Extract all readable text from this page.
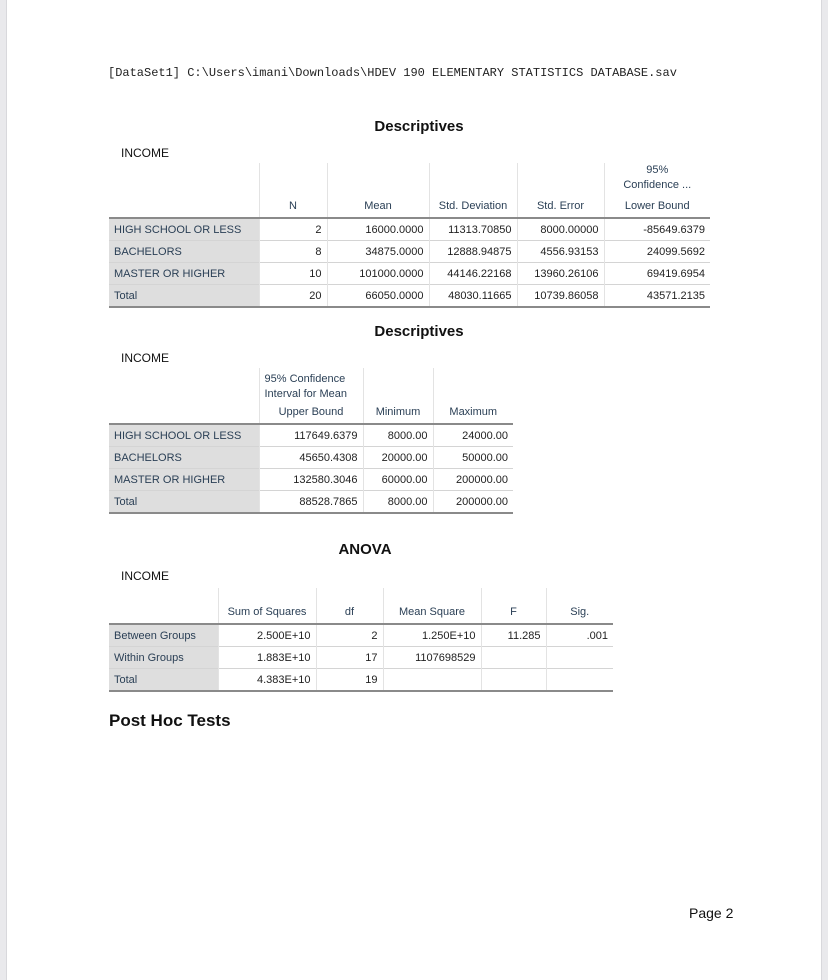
[DataSet1] C:\Users\imani\Downloads\HDEV 190 ELEMENTARY STATISTICS DATABASE.sav
Descriptives
INCOME
	N	Mean	Std. Deviation	Std. Error	95% Confidence ...
Lower Bound
HIGH SCHOOL OR LESS	2	16000.0000	11313.70850	8000.00000	-85649.6379
BACHELORS	8	34875.0000	12888.94875	4556.93153	24099.5692
MASTER OR HIGHER	10	101000.0000	44146.22168	13960.26106	69419.6954
Total	20	66050.0000	48030.11665	10739.86058	43571.2135
Descriptives
INCOME
	95% Confidence Interval for Mean		
	Upper Bound	Minimum	Maximum
HIGH SCHOOL OR LESS	117649.6379	8000.00	24000.00
BACHELORS	45650.4308	20000.00	50000.00
MASTER OR HIGHER	132580.3046	60000.00	200000.00
Total	88528.7865	8000.00	200000.00
ANOVA
INCOME
	Sum of Squares	df	Mean Square	F	Sig.
Between Groups	2.500E+10	2	1.250E+10	11.285	.001
Within Groups	1.883E+10	17	1107698529		
Total	4.383E+10	19			
Post Hoc Tests
Page 2
